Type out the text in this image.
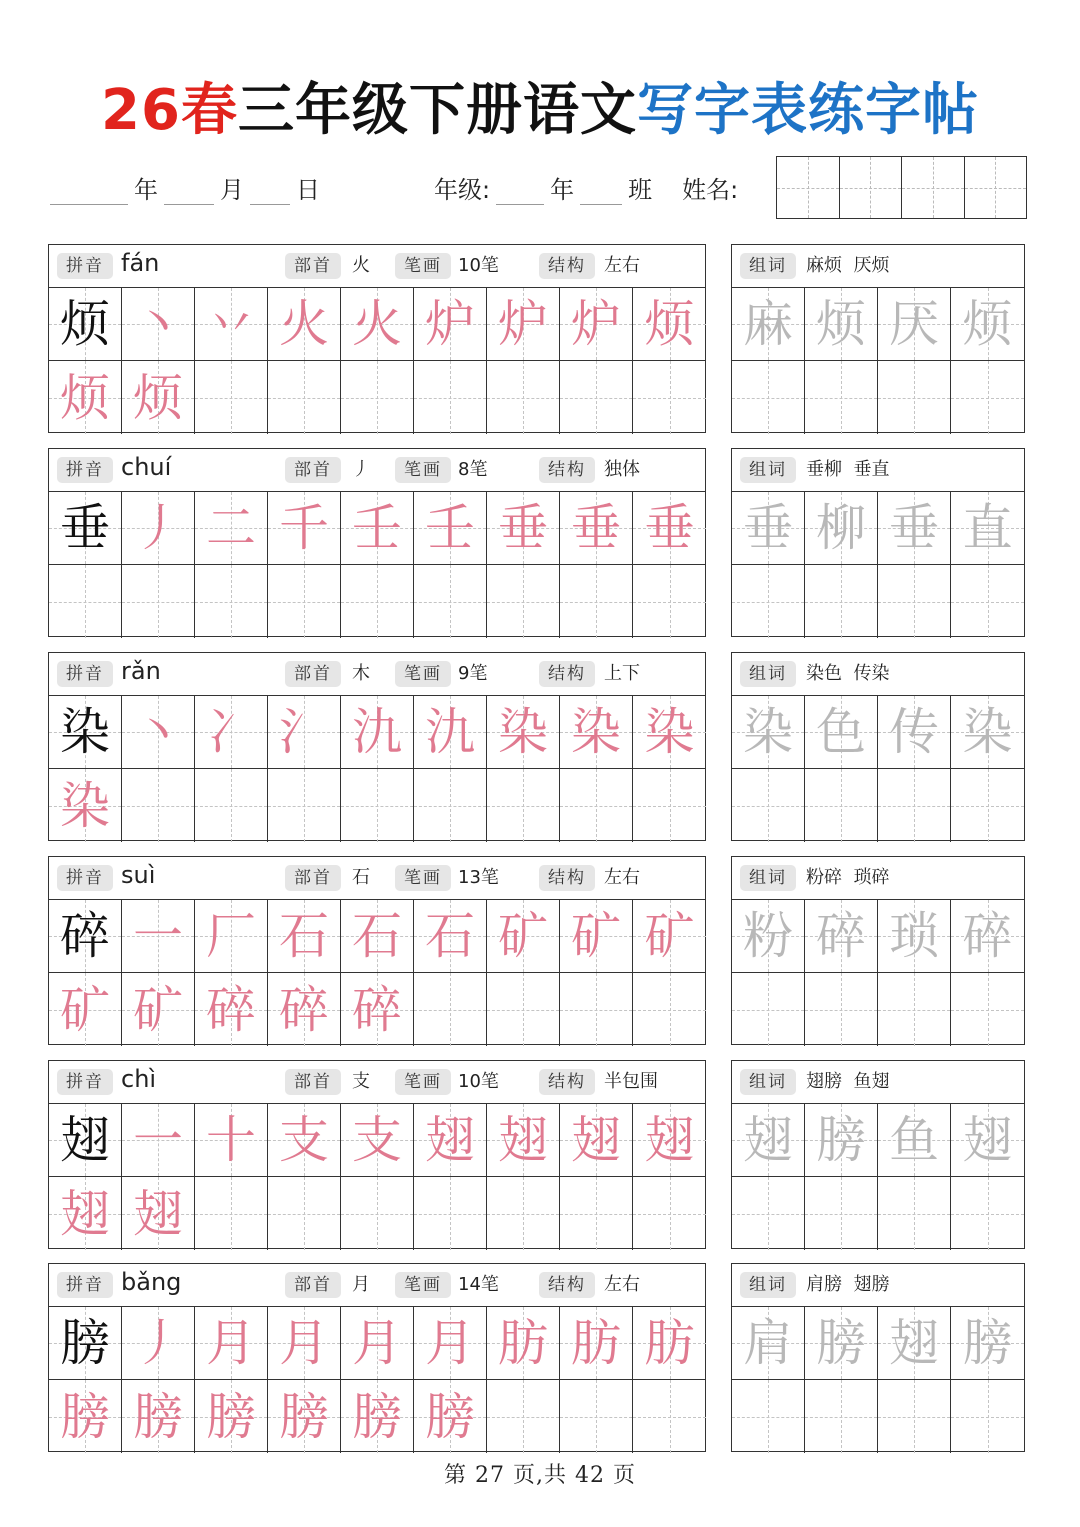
26春三年级下册语文写字表练字帖
年	月 日	年级:	年 班 姓名:
拼音 fán	部首	火	笔画 10笔	结构	左右
烦 丶 丷 火 火 炉 炉 炉 烦
烦 烦
组词	麻烦  厌烦
麻 烦 厌 烦
拼音 chuí	部首	丿	笔画 8笔	结构	独体
垂 丿 二 千 壬 壬 垂 垂 垂
组词	垂柳  垂直
垂 柳 垂 直
拼音 rǎn	部首	木	笔画 9笔	结构	上下
染 丶 冫 氵 氿 氿 染 染 染
染
组词	染色  传染
染 色 传 染
拼音 suì	部首	石	笔画 13笔	结构	左右
碎 一 厂 石 石 石 矿 矿 矿
矿 矿 碎 碎 碎
组词	粉碎  琐碎
粉 碎 琐 碎
拼音 chì	部首	支	笔画 10笔	结构	半包围
翅 一 十 支 支 翅 翅 翅 翅
翅 翅
组词	翅膀  鱼翅
翅 膀 鱼 翅
拼音 bǎng	部首	月	笔画 14笔	结构	左右
膀 丿 月 月 月 月 肪 肪 肪
膀 膀 膀 膀 膀 膀
组词	肩膀  翅膀
肩 膀 翅 膀
第 27 页,共 42 页
